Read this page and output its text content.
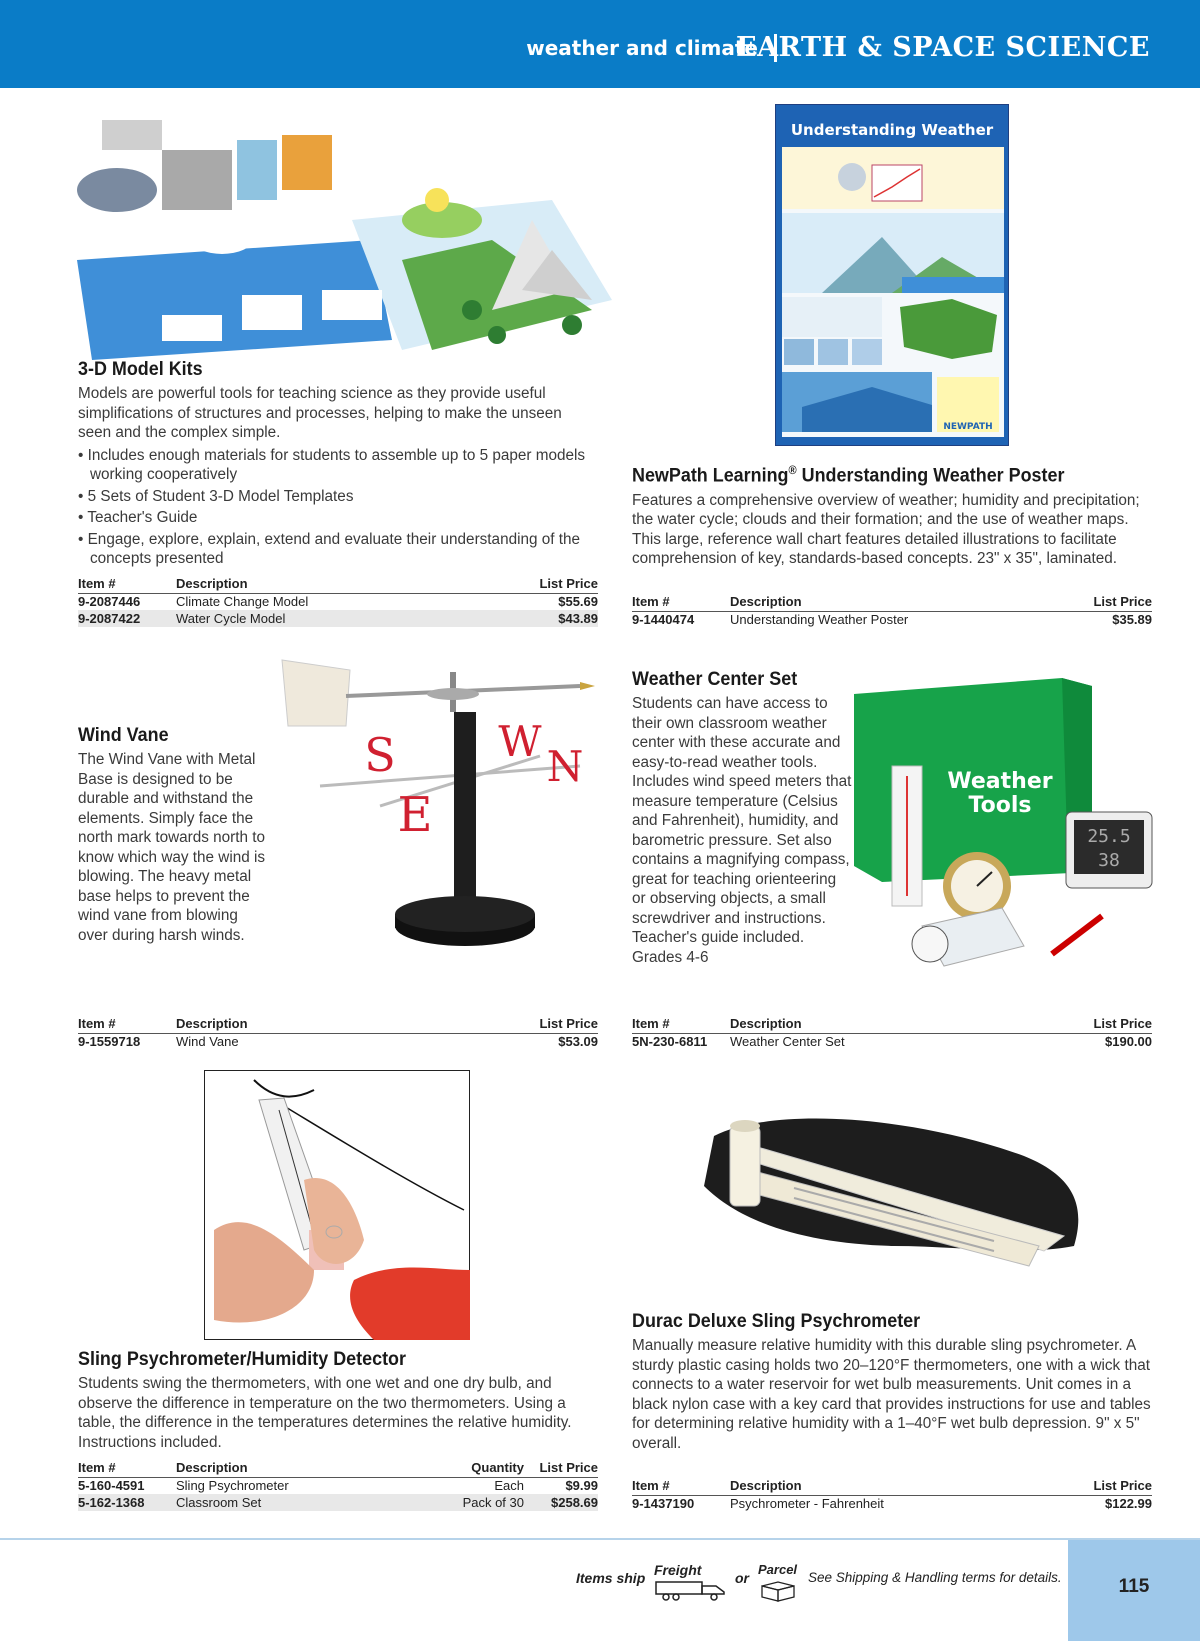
weather and climate
EARTH & SPACE SCIENCE
3-D Model Kits
Models are powerful tools for teaching science as they provide useful simplifications of structures and processes, helping to make the unseen seen and the complex simple.
• Includes enough materials for students to assemble up to 5 paper models working cooperatively
• 5 Sets of Student 3-D Model Templates
• Teacher's Guide
• Engage, explore, explain, extend and evaluate their understanding of the concepts presented
Item #	Description	List Price
9-2087446	Climate Change Model	$55.69
9-2087422	Water Cycle Model	$43.89
Understanding Weather
NEWPATH
NewPath Learning® Understanding Weather Poster
Features a comprehensive overview of weather; humidity and precipitation; the water cycle; clouds and their formation; and the use of weather maps. This large, reference wall chart features detailed illustrations to facilitate comprehension of key, standards-based concepts. 23" x 35", laminated.
Item #	Description	List Price
9-1440474	Understanding Weather Poster	$35.89
S W
N
E
Wind Vane
The Wind Vane with Metal Base is designed to be durable and withstand the elements. Simply face the north mark towards north to know which way the wind is blowing. The heavy metal base helps to prevent the wind vane from blowing over during harsh winds.
Item #	Description	List Price
9-1559718	Wind Vane	$53.09
Weather Center Set
Students can have access to their own classroom weather center with these accurate and easy-to-read weather tools. Includes wind speed meters that measure temperature (Celsius and Fahrenheit), humidity, and barometric pressure. Set also contains a magnifying compass, great for teaching orienteering or observing objects, a small screwdriver and instructions. Teacher's guide included.
Grades 4-6
Weather
Tools
25.5
38
Item #	Description	List Price
5N-230-6811	Weather Center Set	$190.00
Sling Psychrometer/Humidity Detector
Students swing the thermometers, with one wet and one dry bulb, and observe the difference in temperature on the two thermometers. Using a table, the difference in the temperatures determines the relative humidity. Instructions included.
Item #	Description	Quantity	List Price
5-160-4591	Sling Psychrometer	Each	$9.99
5-162-1368	Classroom Set	Pack of 30	$258.69
Durac Deluxe Sling Psychrometer
Manually measure relative humidity with this durable sling psychrometer. A sturdy plastic casing holds two 20–120°F thermometers, one with a wick that connects to a water reservoir for wet bulb measurements. Unit comes in a black nylon case with a key card that provides instructions for use and tables for determining relative humidity with a 1–40°F wet bulb depression. 9" x 5" overall.
Item #	Description	List Price
9-1437190	Psychrometer - Fahrenheit	$122.99
115
Items ship Freight or
Parcel
See Shipping & Handling terms for details.
